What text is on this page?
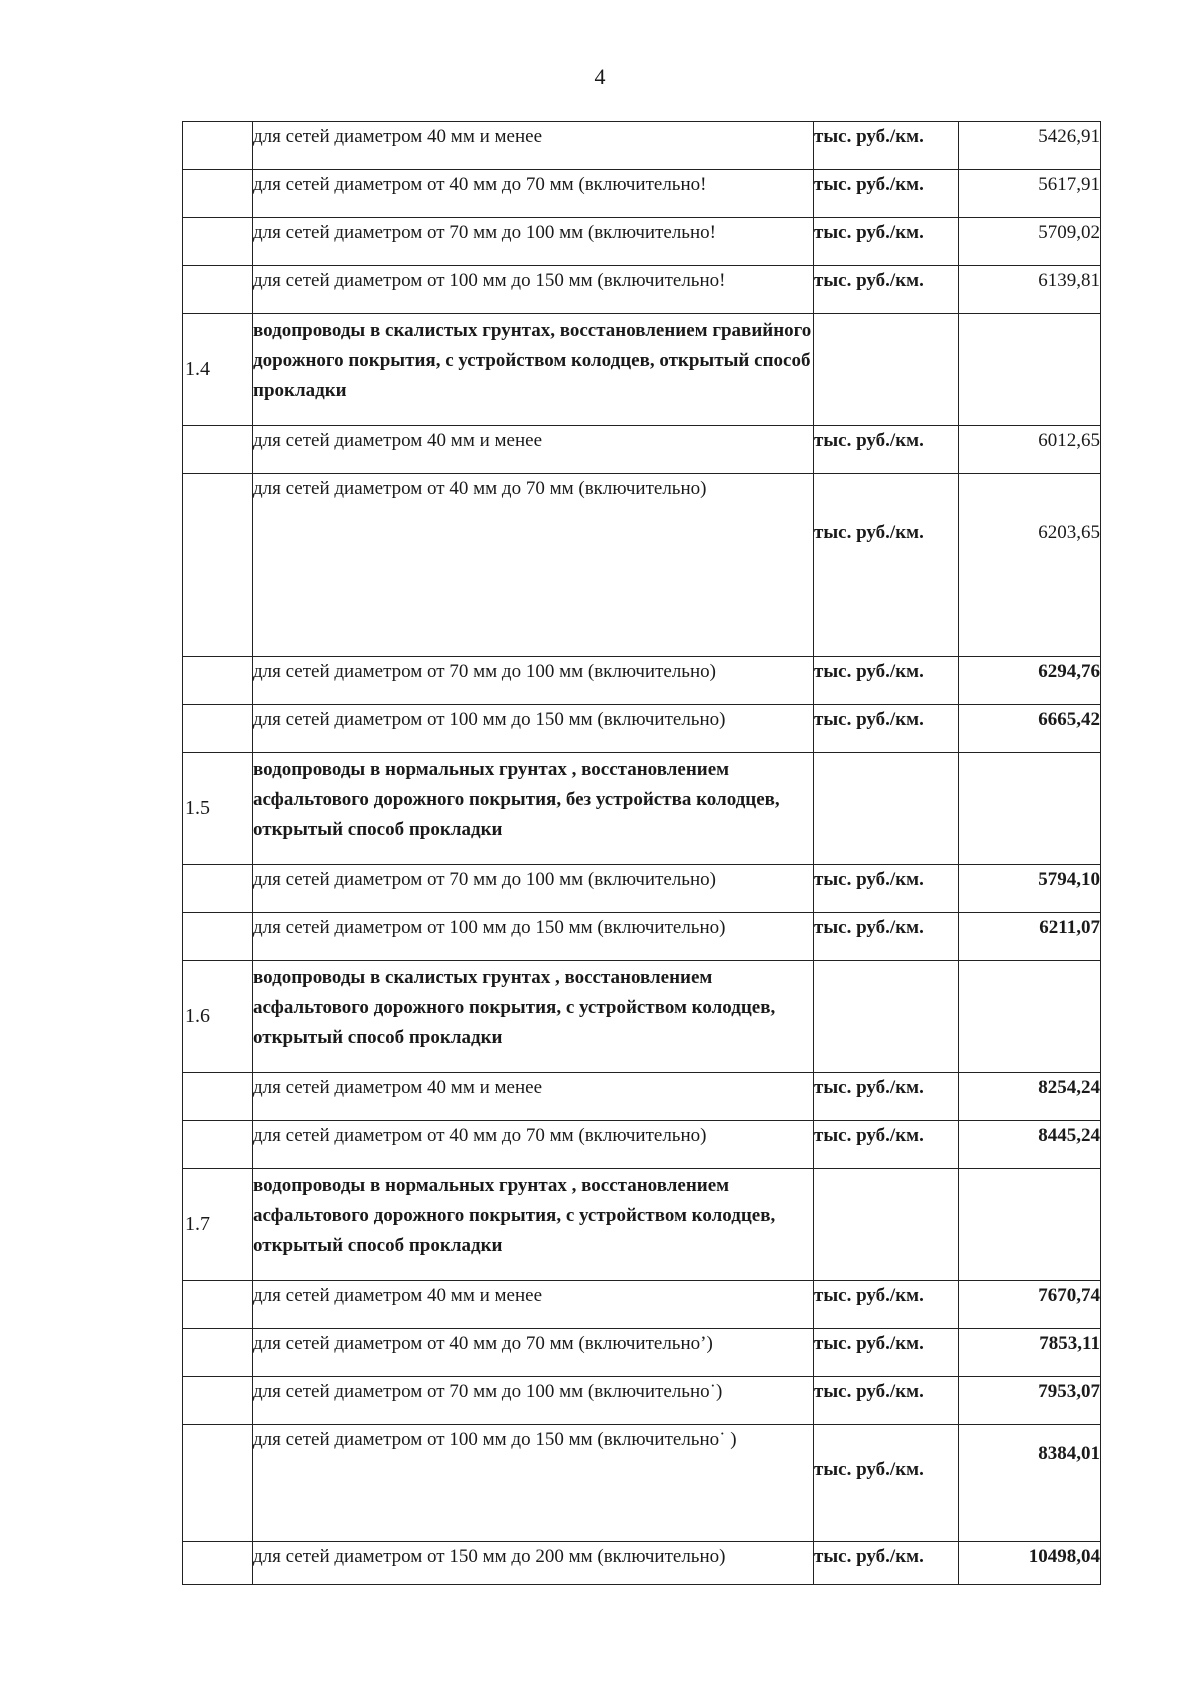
4
	для сетей диаметром 40 мм и менее	тыс. руб./км.	5426,91
	для сетей диаметром от 40 мм до 70 мм (включительно!	тыс. руб./км.	5617,91
	для сетей диаметром от 70 мм до 100 мм (включительно!	тыс. руб./км.	5709,02
	для сетей диаметром от 100 мм до 150 мм (включительно!	тыс. руб./км.	6139,81
1.4	водопроводы в скалистых грунтах, восстановлением гравийного дорожного покрытия, с устройством колодцев, открытый способ прокладки		
	для сетей диаметром 40 мм и менее	тыс. руб./км.	6012,65
	для сетей диаметром от 40 мм до 70 мм (включительно)	тыс. руб./км.	6203,65
	для сетей диаметром от 70 мм до 100 мм (включительно)	тыс. руб./км.	6294,76
	для сетей диаметром от 100 мм до 150 мм (включительно)	тыс. руб./км.	6665,42
1.5	водопроводы в нормальных грунтах , восстановлением асфальтового дорожного покрытия, без устройства колодцев, открытый способ прокладки		
	для сетей диаметром от 70 мм до 100 мм (включительно)	тыс. руб./км.	5794,10
	для сетей диаметром от 100 мм до 150 мм (включительно)	тыс. руб./км.	6211,07
1.6	водопроводы в скалистых грунтах , восстановлением асфальтового дорожного покрытия, с устройством колодцев, открытый способ прокладки		
	для сетей диаметром 40 мм и менее	тыс. руб./км.	8254,24
	для сетей диаметром от 40 мм до 70 мм (включительно)	тыс. руб./км.	8445,24
1.7	водопроводы в нормальных грунтах , восстановлением асфальтового дорожного покрытия, с устройством колодцев, открытый способ прокладки		
	для сетей диаметром 40 мм и менее	тыс. руб./км.	7670,74
	для сетей диаметром от 40 мм до 70 мм (включительно’)	тыс. руб./км.	7853,11
	для сетей диаметром от 70 мм до 100 мм (включительно˙)	тыс. руб./км.	7953,07
	для сетей диаметром от 100 мм до 150 мм (включительно˙ )	тыс. руб./км.	8384,01
	для сетей диаметром от 150 мм до 200 мм (включительно)	тыс. руб./км.	10498,04
